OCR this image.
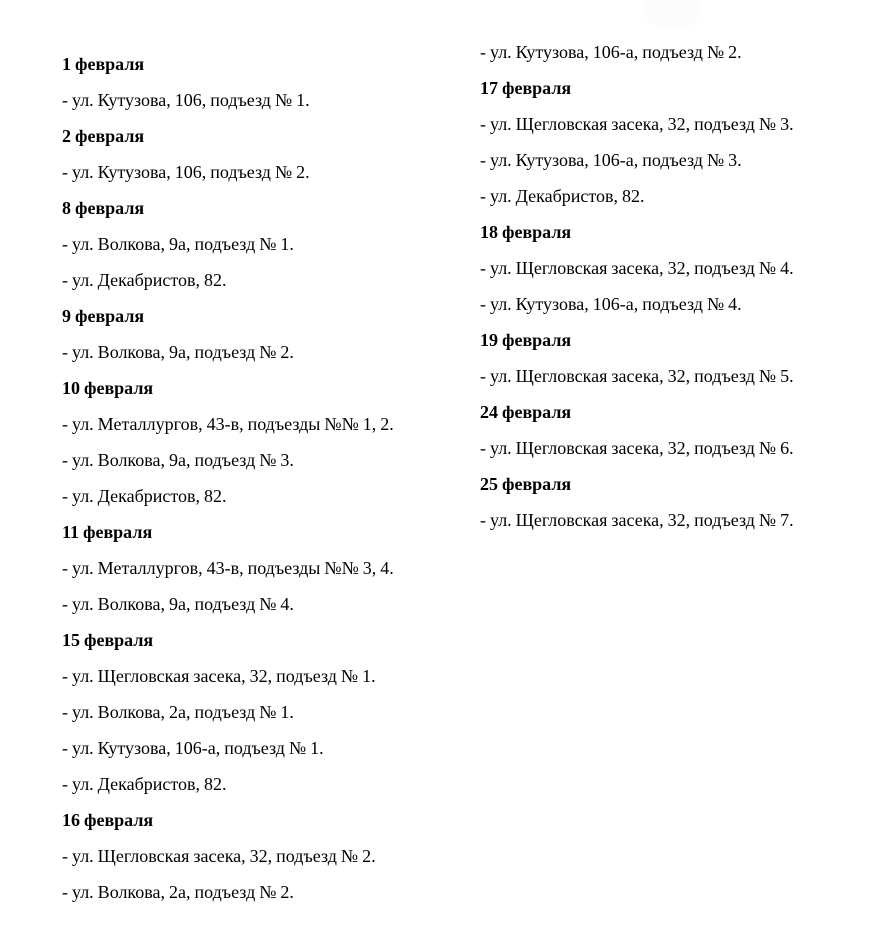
1 февраля

- ул. Кутузова, 106, подъезд № 1.

2 февраля

- ул. Кутузова, 106, подъезд № 2.

8 февраля

- ул. Волкова, 9а, подъезд № 1.

- ул. Декабристов, 82.

9 февраля

- ул. Волкова, 9а, подъезд № 2.

10 февраля

- ул. Металлургов, 43-в, подъезды №№ 1, 2.

- ул. Волкова, 9а, подъезд № 3.

- ул. Декабристов, 82.

11 февраля

- ул. Металлургов, 43-в, подъезды №№ 3, 4.

- ул. Волкова, 9а, подъезд № 4.

15 февраля

- ул. Щегловская засека, 32, подъезд № 1.

- ул. Волкова, 2а, подъезд № 1.

- ул. Кутузова, 106-а, подъезд № 1.

- ул. Декабристов, 82.

16 февраля

- ул. Щегловская засека, 32, подъезд № 2.

- ул. Волкова, 2а, подъезд № 2.

- ул. Кутузова, 106-а, подъезд № 2.

17 февраля

- ул. Щегловская засека, 32, подъезд № 3.

- ул. Кутузова, 106-а, подъезд № 3.

- ул. Декабристов, 82.

18 февраля

- ул. Щегловская засека, 32, подъезд № 4.

- ул. Кутузова, 106-а, подъезд № 4.

19 февраля

- ул. Щегловская засека, 32, подъезд № 5.

24 февраля

- ул. Щегловская засека, 32, подъезд № 6.

25 февраля

- ул. Щегловская засека, 32, подъезд № 7.
